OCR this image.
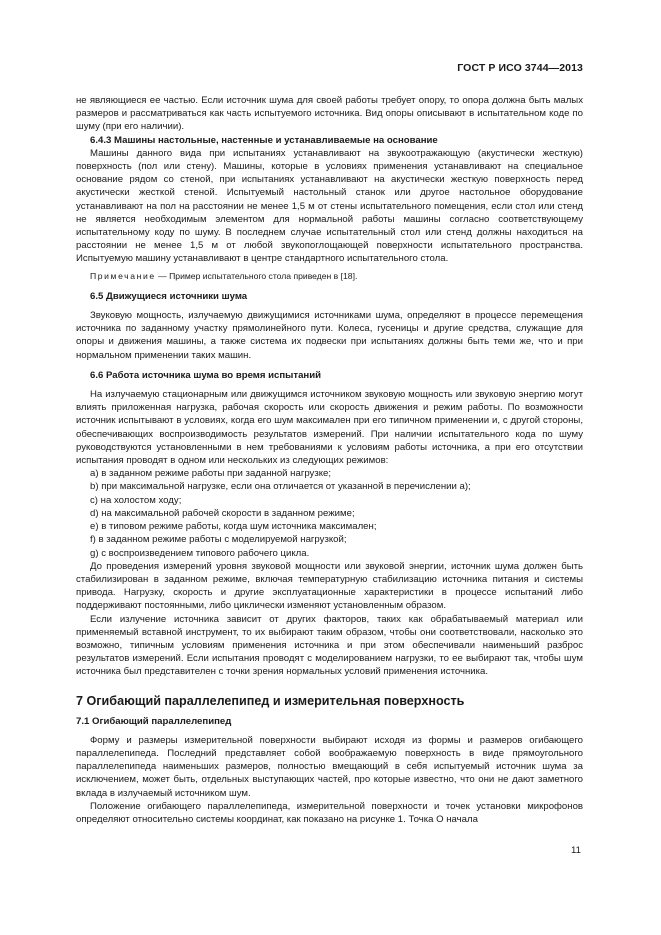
ГОСТ Р ИСО 3744—2013

не являющиеся ее частью. Если источник шума для своей работы требует опору, то опора должна быть малых размеров и рассматриваться как часть испытуемого источника. Вид опоры описывают в испытательном коде по шуму (при его наличии).

6.4.3 Машины настольные, настенные и устанавливаемые на основание

Машины данного вида при испытаниях устанавливают на звукоотражающую (акустически жесткую) поверхность (пол или стену). Машины, которые в условиях применения устанавливают на специальное основание рядом со стеной, при испытаниях устанавливают на акустически жесткую поверхность перед акустически жесткой стеной. Испытуемый настольный станок или другое настольное оборудование устанавливают на пол на расстоянии не менее 1,5 м от стены испытательного помещения, если стол или стенд не является необходимым элементом для нормальной работы машины согласно соответствующему испытательному коду по шуму. В последнем случае испытательный стол или стенд должны находиться на расстоянии не менее 1,5 м от любой звукопоглощающей поверхности испытательного пространства. Испытуемую машину устанавливают в центре стандартного испытательного стола.

Примечание — Пример испытательного стола приведен в [18].

6.5 Движущиеся источники шума

Звуковую мощность, излучаемую движущимися источниками шума, определяют в процессе перемещения источника по заданному участку прямолинейного пути. Колеса, гусеницы и другие средства, служащие для опоры и движения машины, а также система их подвески при испытаниях должны быть теми же, что и при нормальном применении таких машин.

6.6 Работа источника шума во время испытаний

На излучаемую стационарным или движущимся источником звуковую мощность или звуковую энергию могут влиять приложенная нагрузка, рабочая скорость или скорость движения и режим работы. По возможности источник испытывают в условиях, когда его шум максимален при его типичном применении и, с другой стороны, обеспечивающих воспроизводимость результатов измерений. При наличии испытательного кода по шуму руководствуются установленными в нем требованиями к условиям работы источника, а при его отсутствии испытания проводят в одном или нескольких из следующих режимов:

а) в заданном режиме работы при заданной нагрузке;

b) при максимальной нагрузке, если она отличается от указанной в перечислении а);

c) на холостом ходу;

d) на максимальной рабочей скорости в заданном режиме;

e) в типовом режиме работы, когда шум источника максимален;

f) в заданном режиме работы с моделируемой нагрузкой;

g) с воспроизведением типового рабочего цикла.

До проведения измерений уровня звуковой мощности или звуковой энергии, источник шума должен быть стабилизирован в заданном режиме, включая температурную стабилизацию источника питания и системы привода. Нагрузку, скорость и другие эксплуатационные характеристики в процессе испытаний либо поддерживают постоянными, либо циклически изменяют установленным образом.

Если излучение источника зависит от других факторов, таких как обрабатываемый материал или применяемый вставной инструмент, то их выбирают таким образом, чтобы они соответствовали, насколько это возможно, типичным условиям применения источника и при этом обеспечивали наименьший разброс результатов измерений. Если испытания проводят с моделированием нагрузки, то ее выбирают так, чтобы шум источника был представителен с точки зрения нормальных условий применения источника.

7 Огибающий параллелепипед и измерительная поверхность

7.1 Огибающий параллелепипед

Форму и размеры измерительной поверхности выбирают исходя из формы и размеров огибающего параллелепипеда. Последний представляет собой воображаемую поверхность в виде прямоугольного параллелепипеда наименьших размеров, полностью вмещающий в себя испытуемый источник шума за исключением, может быть, отдельных выступающих частей, про которые известно, что они не дают заметного вклада в излучаемый источником шум.

Положение огибающего параллелепипеда, измерительной поверхности и точек установки микрофонов определяют относительно системы координат, как показано на рисунке 1. Точка О начала

11
